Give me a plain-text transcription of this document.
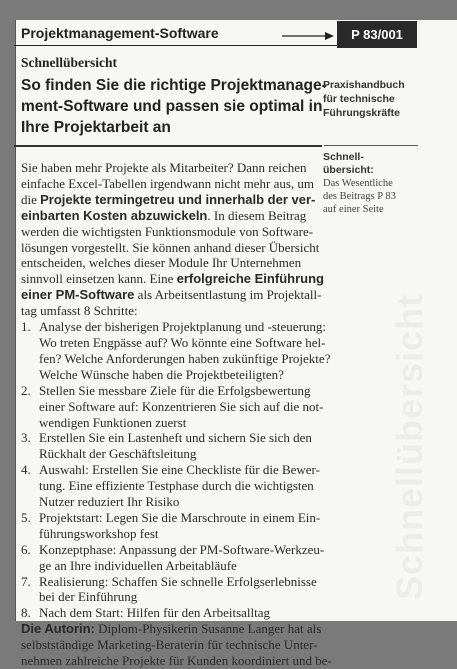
Projektmanagement-Software	P 83/001
Schnellübersicht
So finden Sie die richtige Projektmanage-
ment-Software und passen sie optimal in
Ihre Projektarbeit an
Praxishandbuch
für technische
Führungskräfte
Schnell-
übersicht:
Das Wesentliche
des Beitrags P 83
auf einer Seite
Schnellübersicht
Sie haben mehr Projekte als Mitarbeiter? Dann reichen
einfache Excel-Tabellen irgendwann nicht mehr aus, um
die Projekte termingetreu und innerhalb der ver-
einbarten Kosten abzuwickeln. In diesem Beitrag
werden die wichtigsten Funktionsmodule von Software-
lösungen vorgestellt. Sie können anhand dieser Übersicht
entscheiden, welches dieser Module Ihr Unternehmen
sinnvoll einsetzen kann. Eine erfolgreiche Einführung
einer PM-Software als Arbeitsentlastung im Projektall-
tag umfasst 8 Schritte:
1. Analyse der bisherigen Projektplanung und -steuerung:
Wo treten Engpässe auf? Wo könnte eine Software hel-
fen? Welche Anforderungen haben zukünftige Projekte?
Welche Wünsche haben die Projektbeteiligten?
2. Stellen Sie messbare Ziele für die Erfolgsbewertung
einer Software auf: Konzentrieren Sie sich auf die not-
wendigen Funktionen zuerst
3. Erstellen Sie ein Lastenheft und sichern Sie sich den
Rückhalt der Geschäftsleitung
4. Auswahl: Erstellen Sie eine Checkliste für die Bewer-
tung. Eine effiziente Testphase durch die wichtigsten
Nutzer reduziert Ihr Risiko
5. Projektstart: Legen Sie die Marschroute in einem Ein-
führungsworkshop fest
6. Konzeptphase: Anpassung der PM-Software-Werkzeu-
ge an Ihre individuellen Arbeitabläufe
7. Realisierung: Schaffen Sie schnelle Erfolgserlebnisse
bei der Einführung
8. Nach dem Start: Hilfen für den Arbeitsalltag
Die Autorin: Diplom-Physikerin Susanne Langer hat als
selbstständige Marketing-Beraterin für technische Unter-
nehmen zahlreiche Projekte für Kunden koordiniert und be-
